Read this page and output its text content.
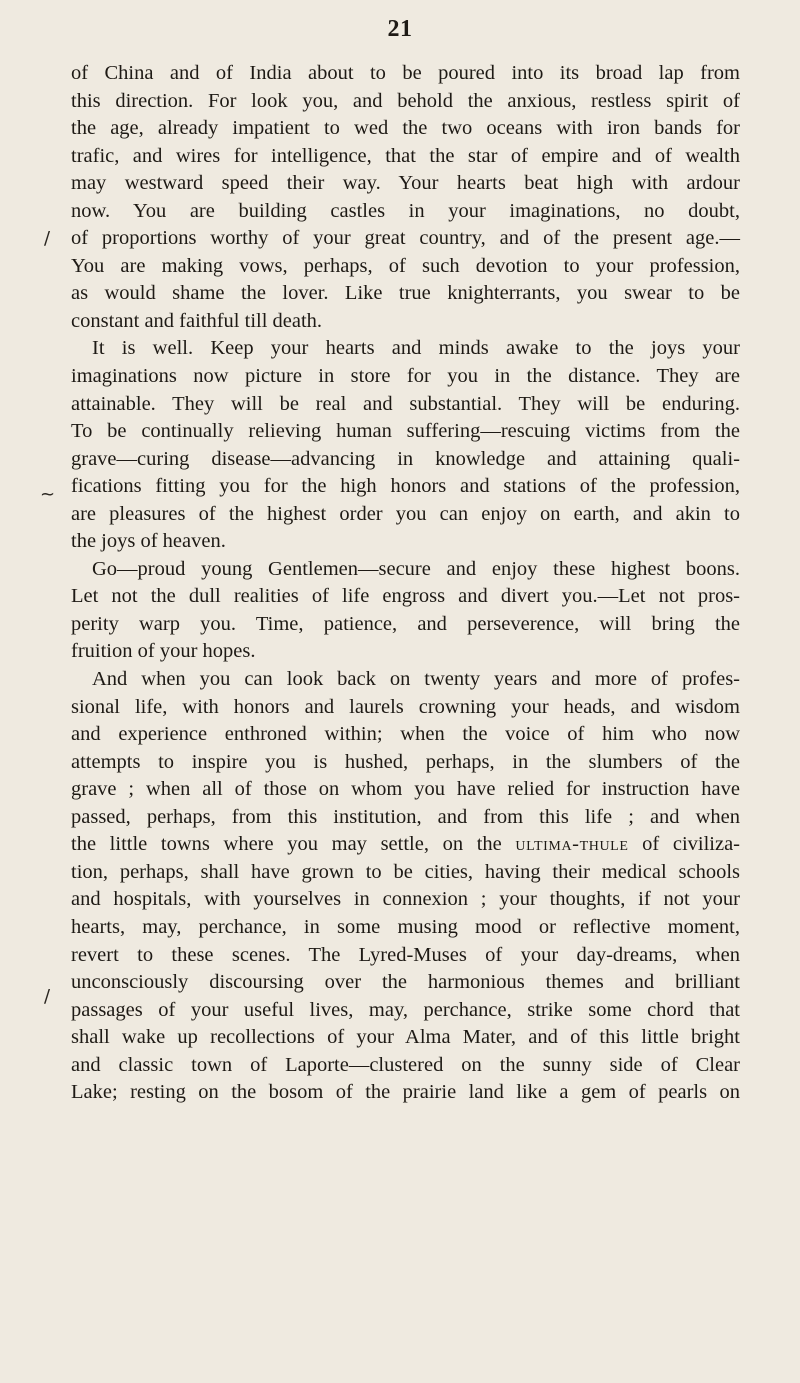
21
/
~
/
of China and of India about to be poured into its broad lap from
this direction. For look you, and behold the anxious, restless spirit of
the age, already impatient to wed the two oceans with iron bands for
trafic, and wires for intelligence, that the star of empire and of wealth
may westward speed their way. Your hearts beat high with ardour
now. You are building castles in your imaginations, no doubt,
of proportions worthy of your great country, and of the present age.—
You are making vows, perhaps, of such devotion to your profession,
as would shame the lover. Like true knighterrants, you swear to be
constant and faithful till death.
It is well. Keep your hearts and minds awake to the joys your
imaginations now picture in store for you in the distance. They are
attainable. They will be real and substantial. They will be enduring.
To be continually relieving human suffering—rescuing victims from the
grave—curing disease—advancing in knowledge and attaining quali-
fications fitting you for the high honors and stations of the profession,
are pleasures of the highest order you can enjoy on earth, and akin to
the joys of heaven.
Go—proud young Gentlemen—secure and enjoy these highest boons.
Let not the dull realities of life engross and divert you.—Let not pros-
perity warp you. Time, patience, and perseverence, will bring the
fruition of your hopes.
And when you can look back on twenty years and more of profes-
sional life, with honors and laurels crowning your heads, and wisdom
and experience enthroned within; when the voice of him who now
attempts to inspire you is hushed, perhaps, in the slumbers of the
grave ; when all of those on whom you have relied for instruction have
passed, perhaps, from this institution, and from this life ; and when
the little towns where you may settle, on the ultima-thule of civiliza-
tion, perhaps, shall have grown to be cities, having their medical schools
and hospitals, with yourselves in connexion ; your thoughts, if not your
hearts, may, perchance, in some musing mood or reflective moment,
revert to these scenes. The Lyred-Muses of your day-dreams, when
unconsciously discoursing over the harmonious themes and brilliant
passages of your useful lives, may, perchance, strike some chord that
shall wake up recollections of your Alma Mater, and of this little bright
and classic town of Laporte—clustered on the sunny side of Clear
Lake; resting on the bosom of the prairie land like a gem of pearls on
